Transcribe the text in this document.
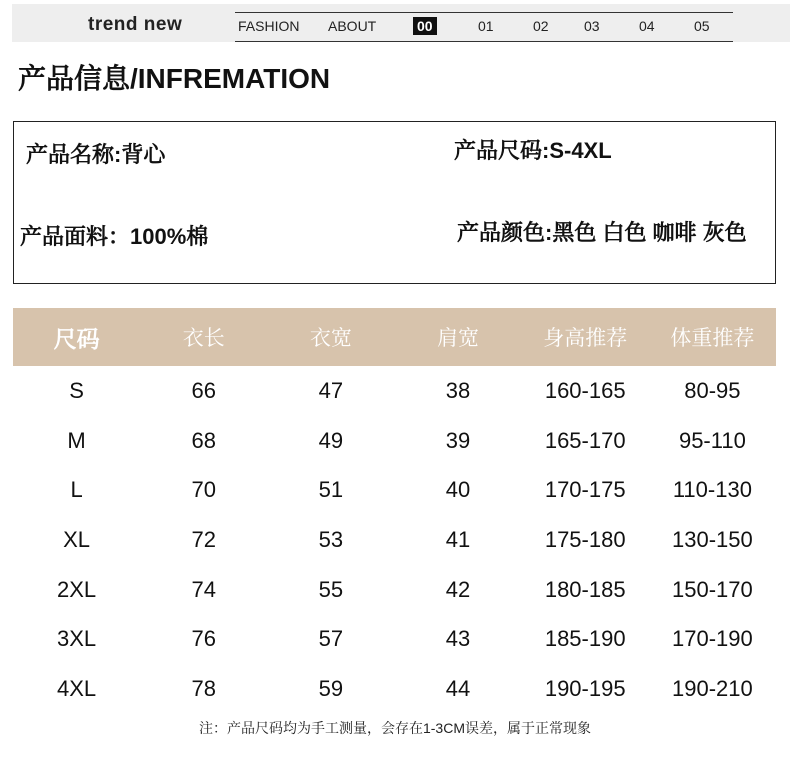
trend new	FASHION ABOUT	00	01	02	03	04	05
产品信息/INFREMATION
产品名称:背心	产品尺码:S-4XL
产品面料：100%棉	产品颜色:黑色 白色 咖啡 灰色
尺码	衣长	衣宽	肩宽	身高推荐	体重推荐
S	66	47	38	160-165	80-95
M	68	49	39	165-170	95-110
L	70	51	40	170-175	110-130
XL	72	53	41	175-180	130-150
2XL	74	55	42	180-185	150-170
3XL	76	57	43	185-190	170-190
4XL	78	59	44	190-195	190-210
注：产品尺码均为手工测量，会存在1-3CM误差，属于正常现象
